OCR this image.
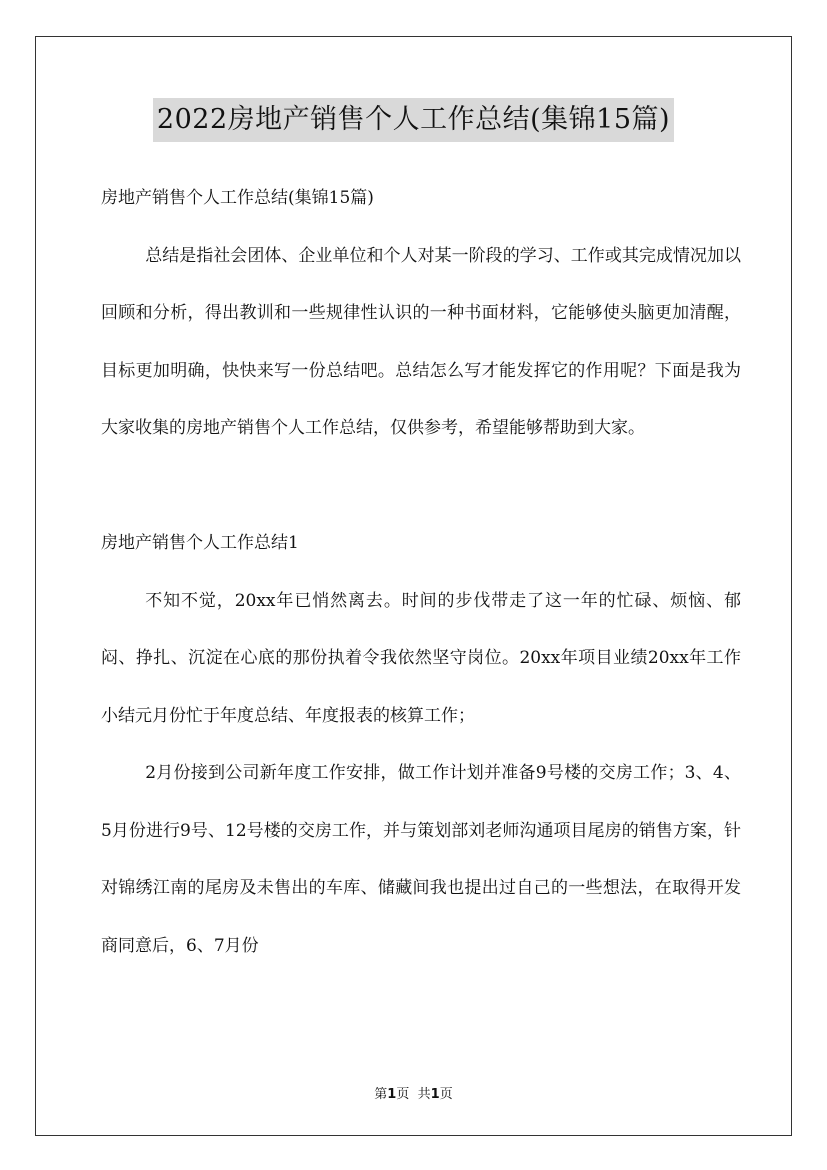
2022房地产销售个人工作总结(集锦15篇)

房地产销售个人工作总结(集锦15篇)

总结是指社会团体、企业单位和个人对某一阶段的学习、工作或其完成情况加以回顾和分析，得出教训和一些规律性认识的一种书面材料，它能够使头脑更加清醒，目标更加明确，快快来写一份总结吧。总结怎么写才能发挥它的作用呢？下面是我为大家收集的房地产销售个人工作总结，仅供参考，希望能够帮助到大家。

房地产销售个人工作总结1

不知不觉，20xx年已悄然离去。时间的步伐带走了这一年的忙碌、烦恼、郁闷、挣扎、沉淀在心底的那份执着令我依然坚守岗位。20xx年项目业绩20xx年工作小结元月份忙于年度总结、年度报表的核算工作；

2月份接到公司新年度工作安排，做工作计划并准备9号楼的交房工作；3、4、5月份进行9号、12号楼的交房工作，并与策划部刘老师沟通项目尾房的销售方案，针对锦绣江南的尾房及未售出的车库、储藏间我也提出过自己的一些想法，在取得开发商同意后，6、7月份

第1页 共1页
